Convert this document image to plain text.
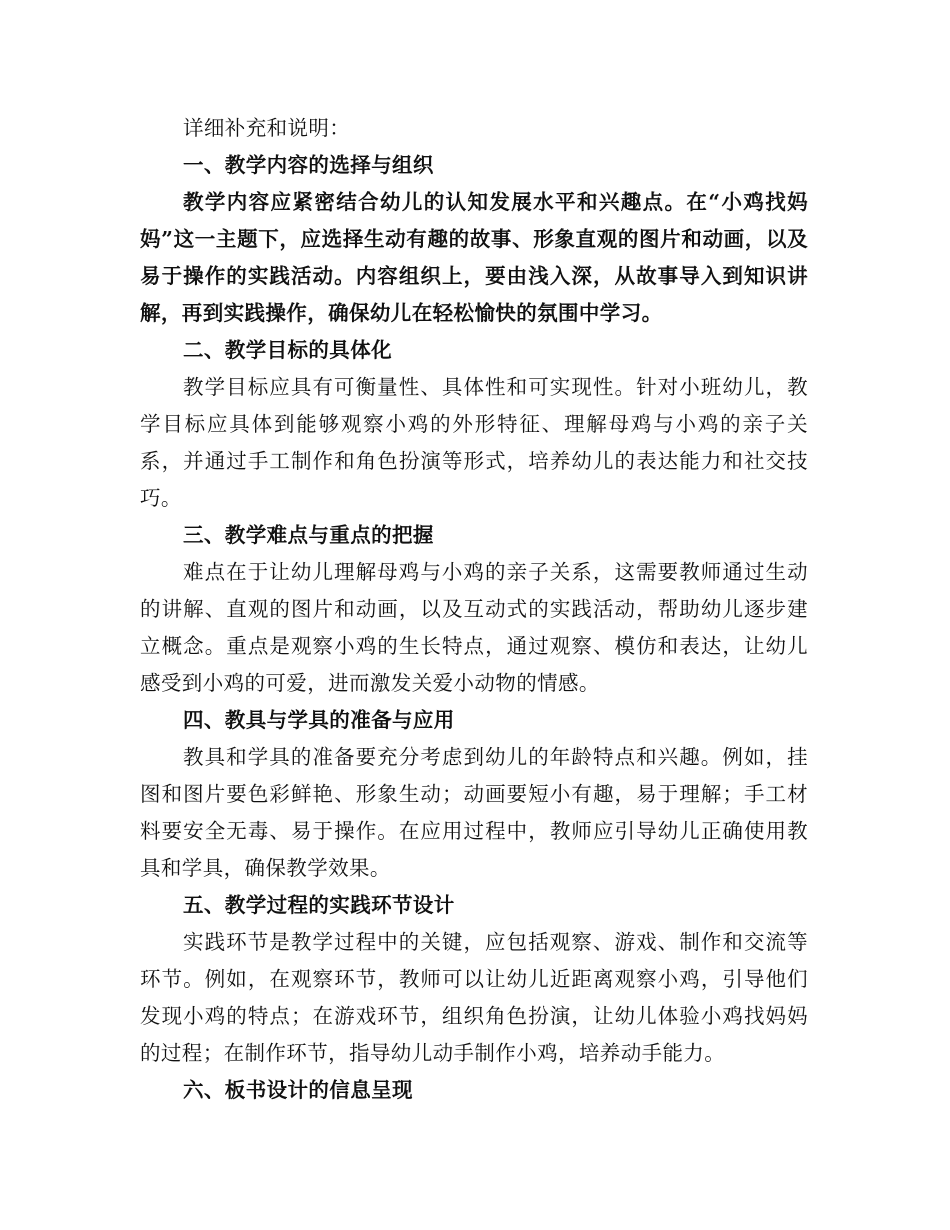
详细补充和说明：

一、教学内容的选择与组织

教学内容应紧密结合幼儿的认知发展水平和兴趣点。在“小鸡找妈妈”这一主题下，应选择生动有趣的故事、形象直观的图片和动画，以及易于操作的实践活动。内容组织上，要由浅入深，从故事导入到知识讲解，再到实践操作，确保幼儿在轻松愉快的氛围中学习。

二、教学目标的具体化

教学目标应具有可衡量性、具体性和可实现性。针对小班幼儿，教学目标应具体到能够观察小鸡的外形特征、理解母鸡与小鸡的亲子关系，并通过手工制作和角色扮演等形式，培养幼儿的表达能力和社交技巧。

三、教学难点与重点的把握

难点在于让幼儿理解母鸡与小鸡的亲子关系，这需要教师通过生动的讲解、直观的图片和动画，以及互动式的实践活动，帮助幼儿逐步建立概念。重点是观察小鸡的生长特点，通过观察、模仿和表达，让幼儿感受到小鸡的可爱，进而激发关爱小动物的情感。

四、教具与学具的准备与应用

教具和学具的准备要充分考虑到幼儿的年龄特点和兴趣。例如，挂图和图片要色彩鲜艳、形象生动；动画要短小有趣，易于理解；手工材料要安全无毒、易于操作。在应用过程中，教师应引导幼儿正确使用教具和学具，确保教学效果。

五、教学过程的实践环节设计

实践环节是教学过程中的关键，应包括观察、游戏、制作和交流等环节。例如，在观察环节，教师可以让幼儿近距离观察小鸡，引导他们发现小鸡的特点；在游戏环节，组织角色扮演，让幼儿体验小鸡找妈妈的过程；在制作环节，指导幼儿动手制作小鸡，培养动手能力。

六、板书设计的信息呈现
